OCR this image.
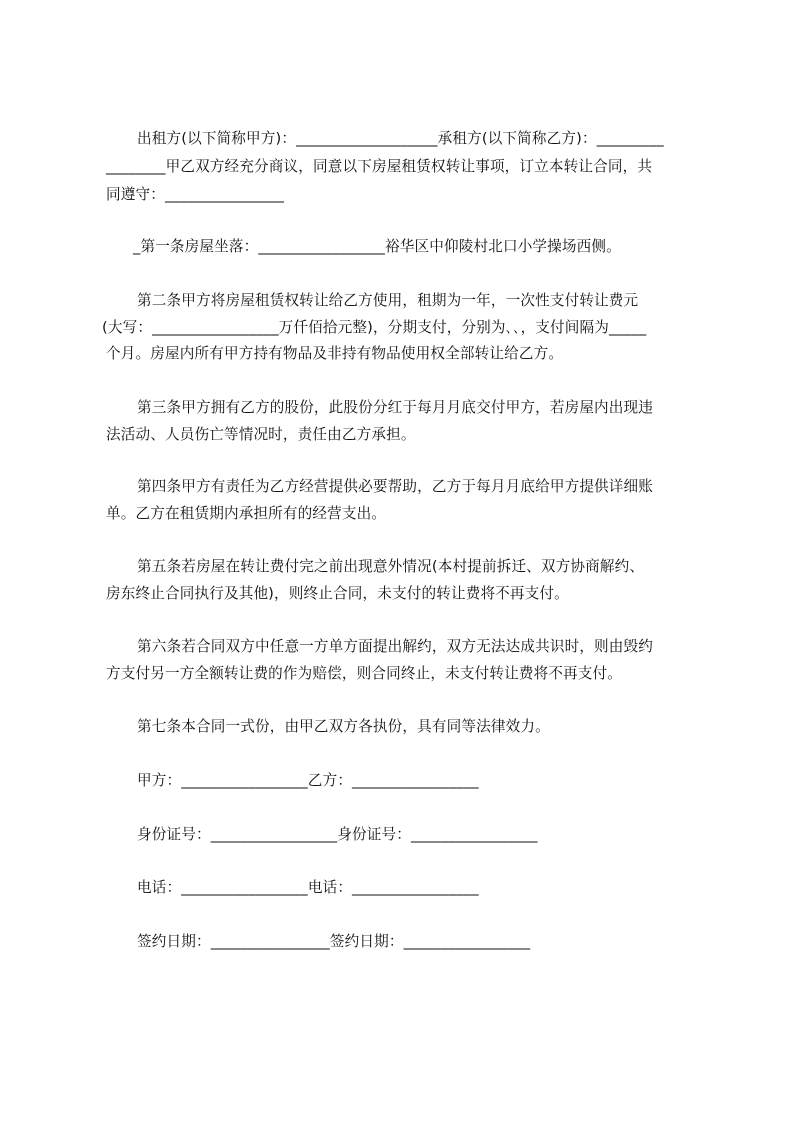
出租方(以下简称甲方)：___________________承租方(以下简称乙方)：_________
________甲乙双方经充分商议，同意以下房屋租赁权转让事项，订立本转让合同，共
同遵守：________________
_第一条房屋坐落：_________________裕华区中仰陵村北口小学操场西侧。
第二条甲方将房屋租赁权转让给乙方使用，租期为一年，一次性支付转让费元
(大写：_________________万仟佰拾元整)，分期支付，分别为､､，支付间隔为_____
个月。房屋内所有甲方持有物品及非持有物品使用权全部转让给乙方。
第三条甲方拥有乙方的股份，此股份分红于每月月底交付甲方，若房屋内出现违
法活动、人员伤亡等情况时，责任由乙方承担。
第四条甲方有责任为乙方经营提供必要帮助，乙方于每月月底给甲方提供详细账
单。乙方在租赁期内承担所有的经营支出。
第五条若房屋在转让费付完之前出现意外情况(本村提前拆迁、双方协商解约、
房东终止合同执行及其他)，则终止合同，未支付的转让费将不再支付。
第六条若合同双方中任意一方单方面提出解约，双方无法达成共识时，则由毁约
方支付另一方全额转让费的作为赔偿，则合同终止，未支付转让费将不再支付。
第七条本合同一式份，由甲乙双方各执份，具有同等法律效力。
甲方：_________________乙方：_________________
身份证号：_________________身份证号：_________________
电话：_________________电话：_________________
签约日期：________________签约日期：_________________
